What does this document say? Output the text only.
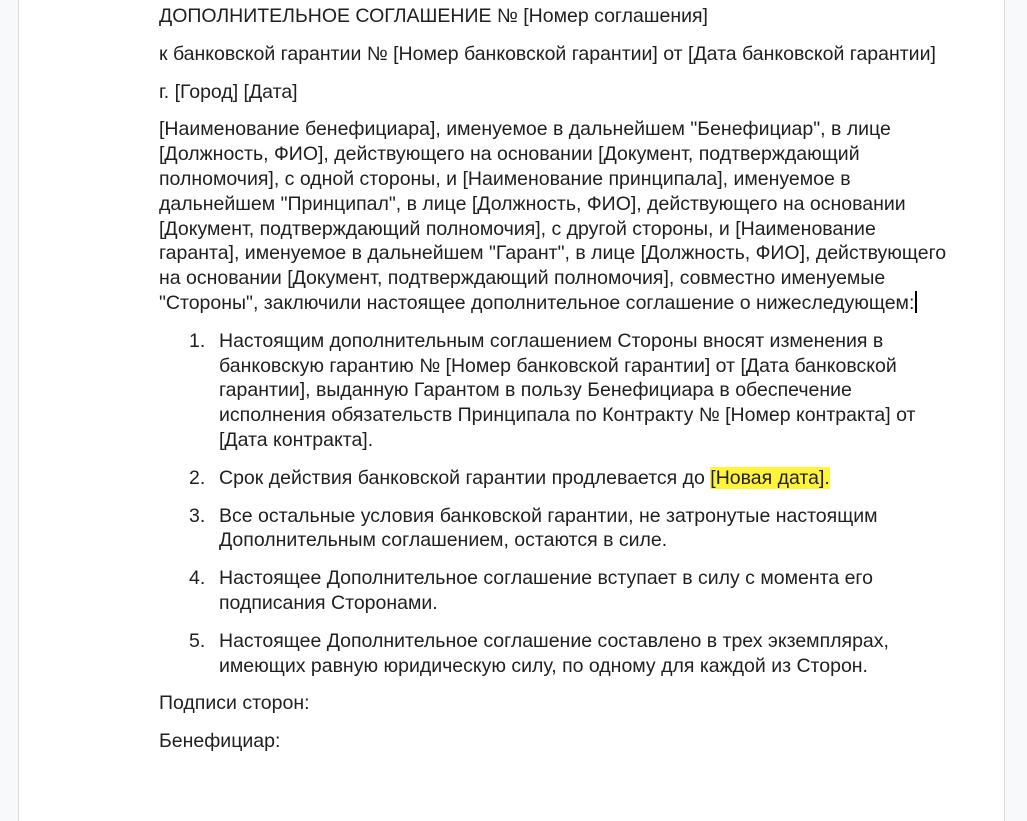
ДОПОЛНИТЕЛЬНОЕ СОГЛАШЕНИЕ № [Номер соглашения]

к банковской гарантии № [Номер банковской гарантии] от [Дата банковской гарантии]

г. [Город] [Дата]

[Наименование бенефициара], именуемое в дальнейшем "Бенефициар", в лице [Должность, ФИО], действующего на основании [Документ, подтверждающий полномочия], с одной стороны, и [Наименование принципала], именуемое в дальнейшем "Принципал", в лице [Должность, ФИО], действующего на основании [Документ, подтверждающий полномочия], с другой стороны, и [Наименование гаранта], именуемое в дальнейшем "Гарант", в лице [Должность, ФИО], действующего на основании [Документ, подтверждающий полномочия], совместно именуемые "Стороны", заключили настоящее дополнительное соглашение о нижеследующем:

1. Настоящим дополнительным соглашением Стороны вносят изменения в банковскую гарантию № [Номер банковской гарантии] от [Дата банковской гарантии], выданную Гарантом в пользу Бенефициара в обеспечение исполнения обязательств Принципала по Контракту № [Номер контракта] от [Дата контракта].
2. Срок действия банковской гарантии продлевается до [Новая дата].
3. Все остальные условия банковской гарантии, не затронутые настоящим Дополнительным соглашением, остаются в силе.
4. Настоящее Дополнительное соглашение вступает в силу с момента его подписания Сторонами.
5. Настоящее Дополнительное соглашение составлено в трех экземплярах, имеющих равную юридическую силу, по одному для каждой из Сторон.

Подписи сторон:

Бенефициар:
